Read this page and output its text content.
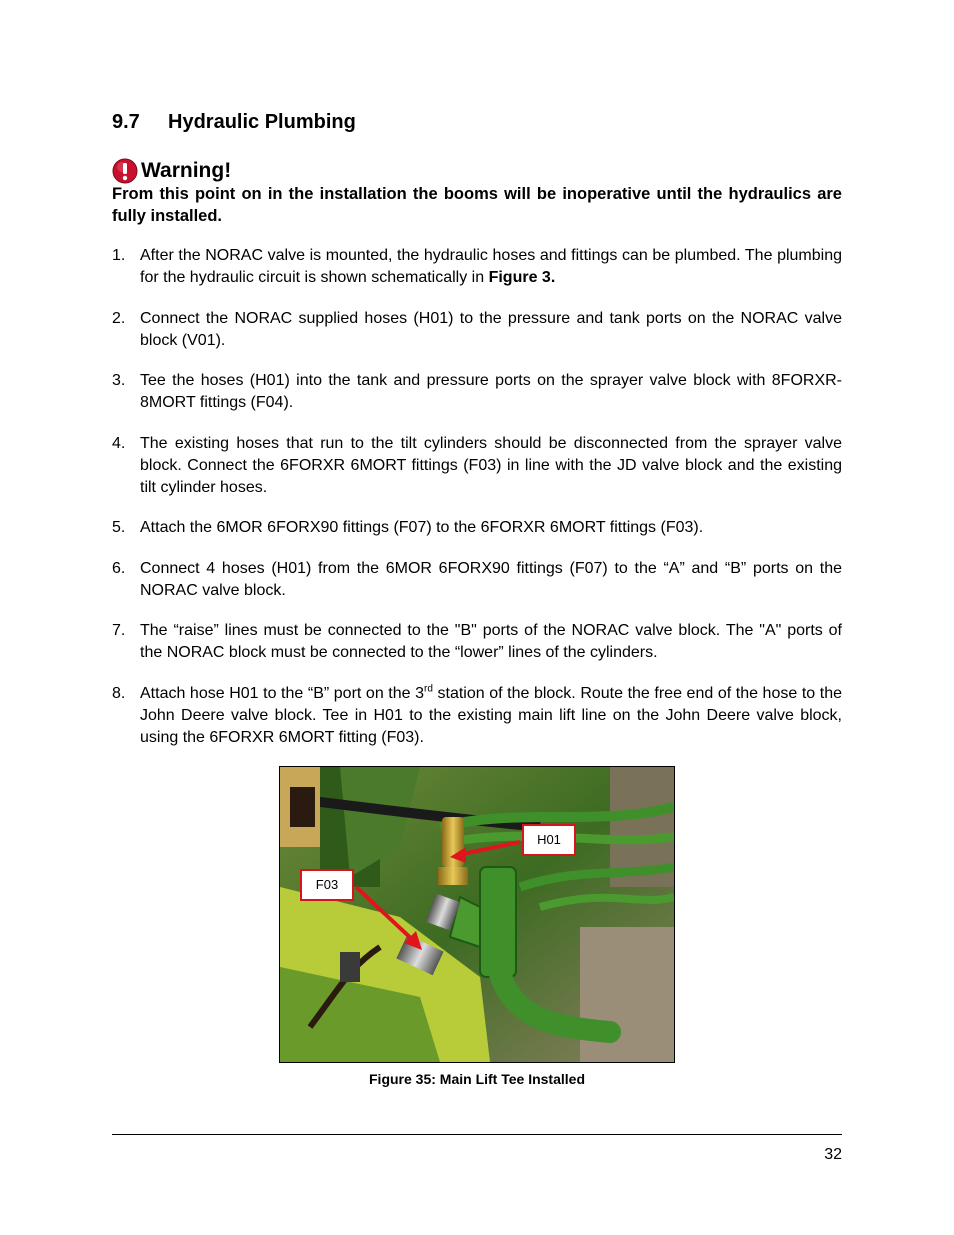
9.7 Hydraulic Plumbing
Warning!
From this point on in the installation the booms will be inoperative until the hydraulics are fully installed.
1. After the NORAC valve is mounted, the hydraulic hoses and fittings can be plumbed. The plumbing for the hydraulic circuit is shown schematically in Figure 3.
2. Connect the NORAC supplied hoses (H01) to the pressure and tank ports on the NORAC valve block (V01).
3. Tee the hoses (H01) into the tank and pressure ports on the sprayer valve block with 8FORXR-8MORT fittings (F04).
4. The existing hoses that run to the tilt cylinders should be disconnected from the sprayer valve block. Connect the 6FORXR 6MORT fittings (F03) in line with the JD valve block and the existing tilt cylinder hoses.
5. Attach the 6MOR 6FORX90 fittings (F07) to the 6FORXR 6MORT fittings (F03).
6. Connect 4 hoses (H01) from the 6MOR 6FORX90 fittings (F07) to the “A” and “B” ports on the NORAC valve block.
7. The “raise” lines must be connected to the "B" ports of the NORAC valve block. The "A" ports of the NORAC block must be connected to the “lower” lines of the cylinders.
8. Attach hose H01 to the “B” port on the 3rd station of the block. Route the free end of the hose to the John Deere valve block. Tee in H01 to the existing main lift line on the John Deere valve block, using the 6FORXR 6MORT fitting (F03).
H01
F03
Figure 35: Main Lift Tee Installed
32
